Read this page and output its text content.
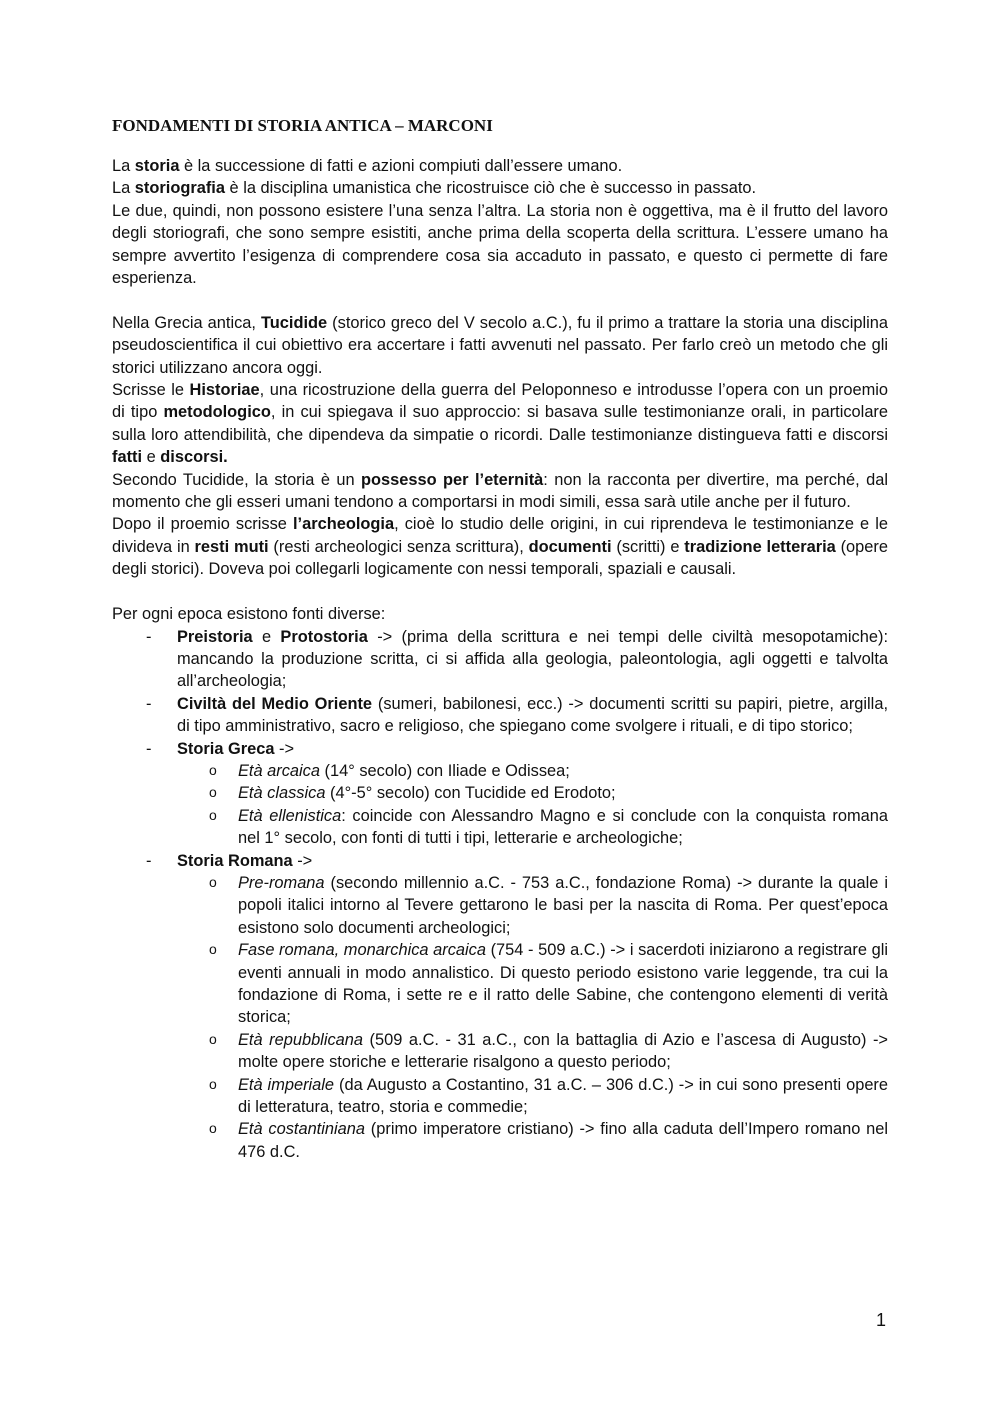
FONDAMENTI DI STORIA ANTICA – MARCONI

La storia è la successione di fatti e azioni compiuti dall’essere umano.

La storiografia è la disciplina umanistica che ricostruisce ciò che è successo in passato.

Le due, quindi, non possono esistere l’una senza l’altra. La storia non è oggettiva, ma è il frutto del lavoro degli storiografi, che sono sempre esistiti, anche prima della scoperta della scrittura. L’essere umano ha sempre avvertito l’esigenza di comprendere cosa sia accaduto in passato, e questo ci permette di fare esperienza.

Nella Grecia antica, Tucidide (storico greco del V secolo a.C.), fu il primo a trattare la storia una disciplina pseudoscientifica il cui obiettivo era accertare i fatti avvenuti nel passato. Per farlo creò un metodo che gli storici utilizzano ancora oggi.

Scrisse le Historiae, una ricostruzione della guerra del Peloponneso e introdusse l’opera con un proemio di tipo metodologico, in cui spiegava il suo approccio: si basava sulle testimonianze orali, in particolare sulla loro attendibilità, che dipendeva da simpatie o ricordi. Dalle testimonianze distingueva fatti e discorsi fatti e discorsi.

Secondo Tucidide, la storia è un possesso per l’eternità: non la racconta per divertire, ma perché, dal momento che gli esseri umani tendono a comportarsi in modi simili, essa sarà utile anche per il futuro.

Dopo il proemio scrisse l’archeologia, cioè lo studio delle origini, in cui riprendeva le testimonianze e le divideva in resti muti (resti archeologici senza scrittura), documenti (scritti) e tradizione letteraria (opere degli storici). Doveva poi collegarli logicamente con nessi temporali, spaziali e causali.

Per ogni epoca esistono fonti diverse:

- Preistoria e Protostoria -> (prima della scrittura e nei tempi delle civiltà mesopotamiche): mancando la produzione scritta, ci si affida alla geologia, paleontologia, agli oggetti e talvolta all’archeologia;
- Civiltà del Medio Oriente (sumeri, babilonesi, ecc.) -> documenti scritti su papiri, pietre, argilla, di tipo amministrativo, sacro e religioso, che spiegano come svolgere i rituali, e di tipo storico;
- Storia Greca ->
o Età arcaica (14° secolo) con Iliade e Odissea;
o Età classica (4°-5° secolo) con Tucidide ed Erodoto;
o Età ellenistica: coincide con Alessandro Magno e si conclude con la conquista romana nel 1° secolo, con fonti di tutti i tipi, letterarie e archeologiche;
- Storia Romana ->
o Pre-romana (secondo millennio a.C. - 753 a.C., fondazione Roma) -> durante la quale i popoli italici intorno al Tevere gettarono le basi per la nascita di Roma. Per quest’epoca esistono solo documenti archeologici;
o Fase romana, monarchica arcaica (754 - 509 a.C.) -> i sacerdoti iniziarono a registrare gli eventi annuali in modo annalistico. Di questo periodo esistono varie leggende, tra cui la fondazione di Roma, i sette re e il ratto delle Sabine, che contengono elementi di verità storica;
o Età repubblicana (509 a.C. - 31 a.C., con la battaglia di Azio e l’ascesa di Augusto) -> molte opere storiche e letterarie risalgono a questo periodo;
o Età imperiale (da Augusto a Costantino, 31 a.C. – 306 d.C.) -> in cui sono presenti opere di letteratura, teatro, storia e commedie;
o Età costantiniana (primo imperatore cristiano) -> fino alla caduta dell’Impero romano nel 476 d.C.
1
